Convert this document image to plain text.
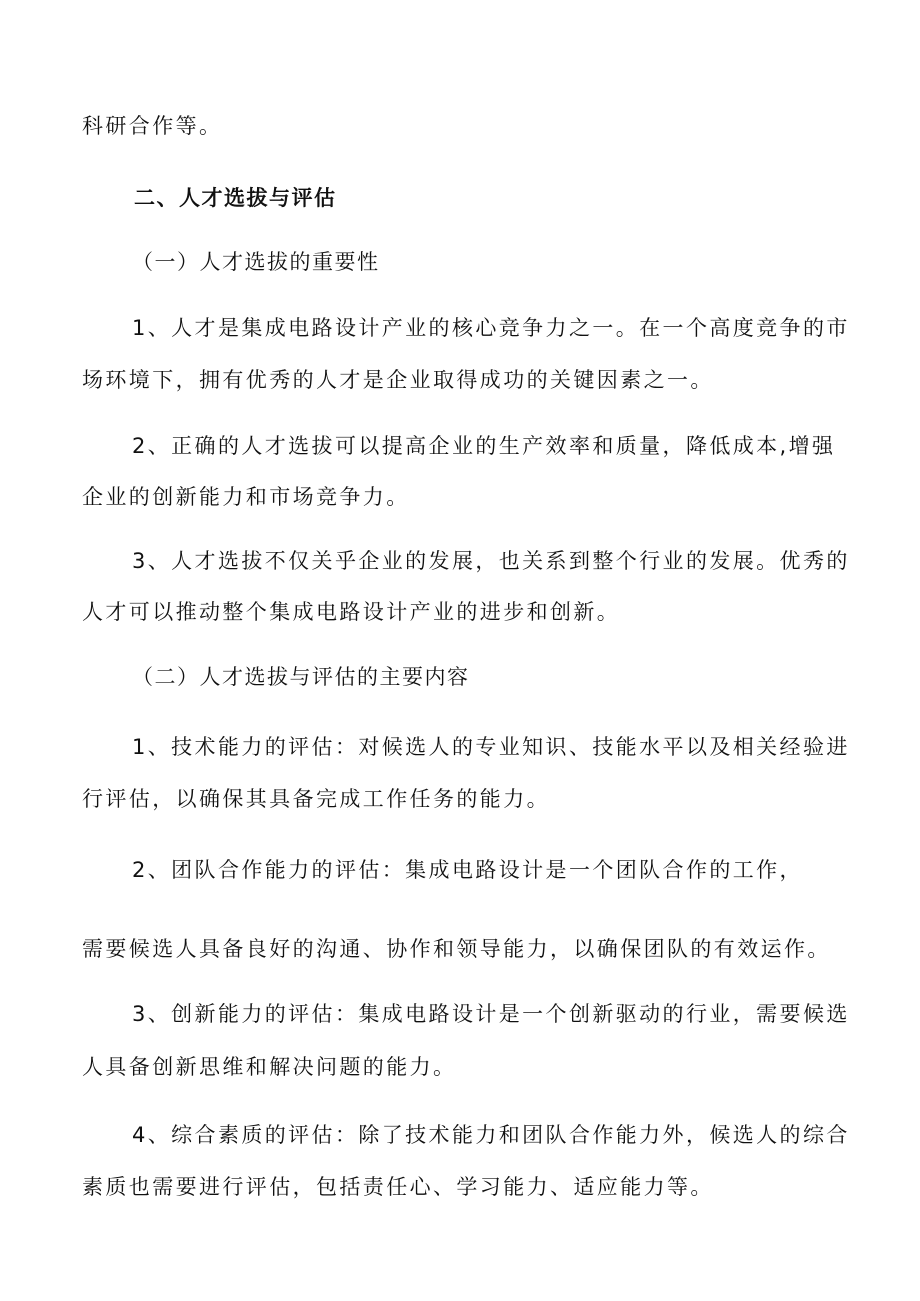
科研合作等。
二、人才选拔与评估
（一）人才选拔的重要性
1、人才是集成电路设计产业的核心竞争力之一。在一个高度竞争的市
场环境下，拥有优秀的人才是企业取得成功的关键因素之一。
2、正确的人才选拔可以提高企业的生产效率和质量，降低成本,增强
企业的创新能力和市场竞争力。
3、人才选拔不仅关乎企业的发展，也关系到整个行业的发展。优秀的
人才可以推动整个集成电路设计产业的进步和创新。
（二）人才选拔与评估的主要内容
1、技术能力的评估：对候选人的专业知识、技能水平以及相关经验进
行评估，以确保其具备完成工作任务的能力。
2、团队合作能力的评估：集成电路设计是一个团队合作的工作，
需要候选人具备良好的沟通、协作和领导能力，以确保团队的有效运作。
3、创新能力的评估：集成电路设计是一个创新驱动的行业，需要候选
人具备创新思维和解决问题的能力。
4、综合素质的评估：除了技术能力和团队合作能力外，候选人的综合
素质也需要进行评估，包括责任心、学习能力、适应能力等。
